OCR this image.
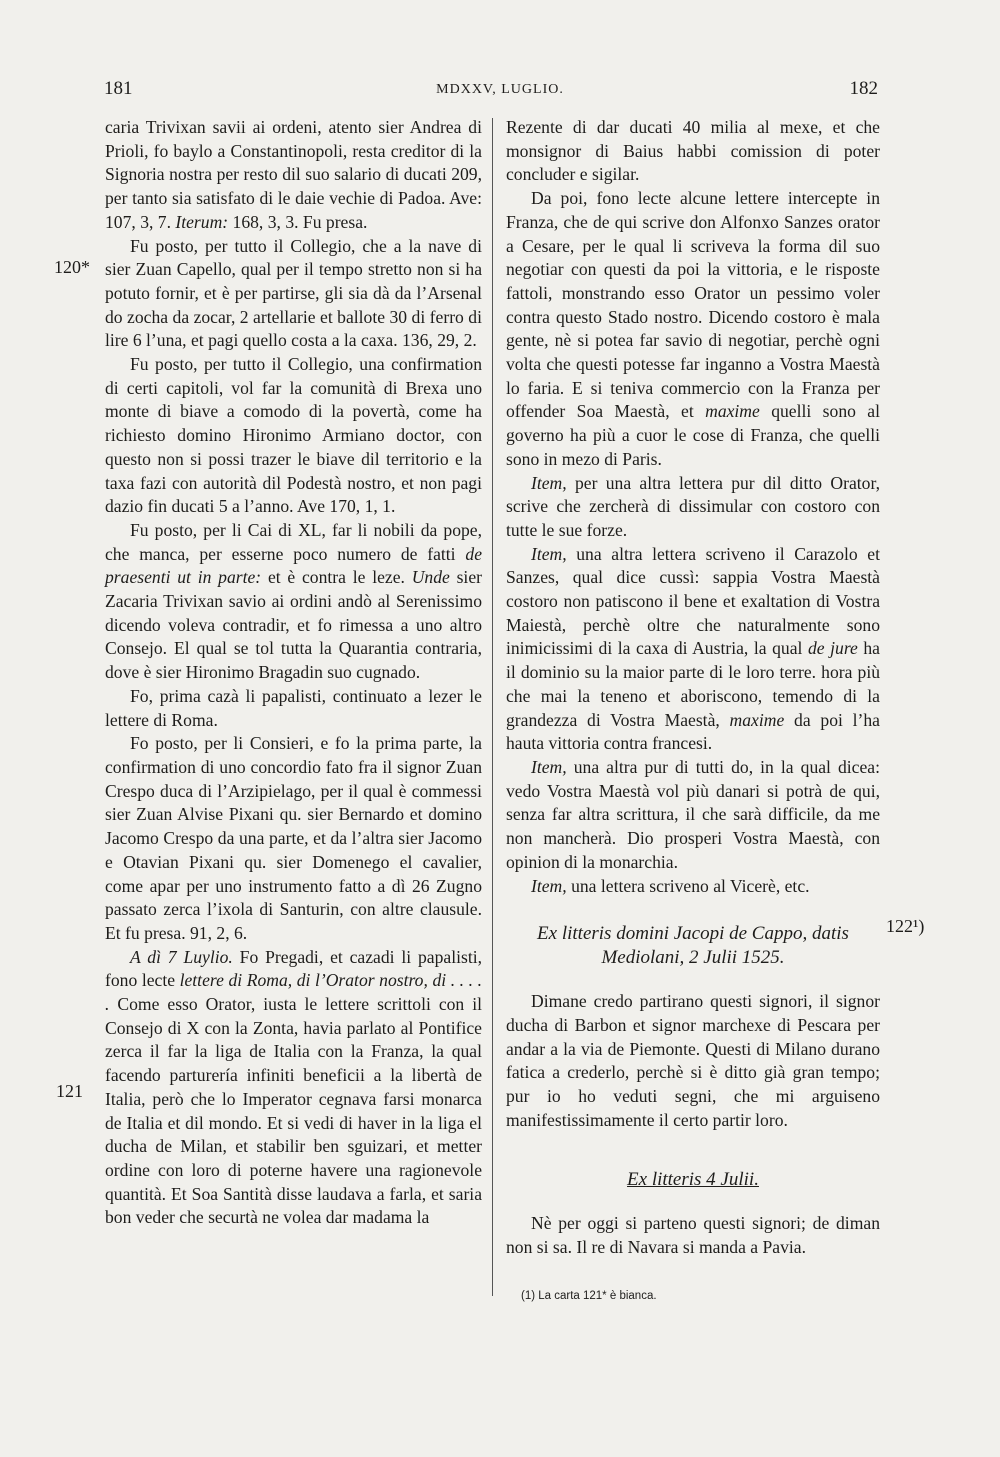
181	MDXXV, LUGLIO.	182
120*
121
122¹)

caria Trivixan savii ai ordeni, atento sier Andrea di Prioli, fo baylo a Constantinopoli, resta creditor di la Signoria nostra per resto dil suo salario di ducati 209, per tanto sia satisfato di le daie vechie di Padoa. Ave: 107, 3, 7. Iterum: 168, 3, 3. Fu presa.

Fu posto, per tutto il Collegio, che a la nave di sier Zuan Capello, qual per il tempo stretto non si ha potuto fornir, et è per partirse, gli sia dà da l’Arsenal do zocha da zocar, 2 artellarie et ballote 30 di ferro di lire 6 l’una, et pagi quello costa a la caxa. 136, 29, 2.

Fu posto, per tutto il Collegio, una confirmation di certi capitoli, vol far la comunità di Brexa uno monte di biave a comodo di la povertà, come ha richiesto domino Hironimo Armiano doctor, con questo non si possi trazer le biave dil territorio e la taxa fazi con autorità dil Podestà nostro, et non pagi dazio fin ducati 5 a l’anno. Ave 170, 1, 1.

Fu posto, per li Cai di XL, far li nobili da pope, che manca, per esserne poco numero de fatti de praesenti ut in parte: et è contra le leze. Unde sier Zacaria Trivixan savio ai ordini andò al Serenissimo dicendo voleva contradir, et fo rimessa a uno altro Consejo. El qual se tol tutta la Quarantia contraria, dove è sier Hironimo Bragadin suo cugnado.

Fo, prima cazà li papalisti, continuato a lezer le lettere di Roma.

Fo posto, per li Consieri, e fo la prima parte, la confirmation di uno concordio fato fra il signor Zuan Crespo duca di l’Arzipielago, per il qual è commessi sier Zuan Alvise Pixani qu. sier Bernardo et domino Jacomo Crespo da una parte, et da l’altra sier Jacomo e Otavian Pixani qu. sier Domenego el cavalier, come apar per uno instrumento fatto a dì 26 Zugno passato zerca l’ixola di Santurin, con altre clausule. Et fu presa. 91, 2, 6.

A dì 7 Luylio. Fo Pregadi, et cazadi li papalisti, fono lecte lettere di Roma, di l’Orator nostro, di . . . . . Come esso Orator, iusta le lettere scrittoli con il Consejo di X con la Zonta, havia parlato al Pontifice zerca il far la liga de Italia con la Franza, la qual facendo parturería infiniti beneficii a la libertà de Italia, però che lo Imperator cegnava farsi monarca de Italia et dil mondo. Et si vedi di haver in la liga el ducha de Milan, et stabilir ben sguizari, et metter ordine con loro di poterne havere una ragionevole quantità. Et Soa Santità disse laudava a farla, et saria bon veder che securtà ne volea dar madama la

Rezente di dar ducati 40 milia al mexe, et che monsignor di Baius habbi comission di poter concluder e sigilar.

Da poi, fono lecte alcune lettere intercepte in Franza, che de qui scrive don Alfonxo Sanzes orator a Cesare, per le qual li scriveva la forma dil suo negotiar con questi da poi la vittoria, e le risposte fattoli, monstrando esso Orator un pessimo voler contra questo Stado nostro. Dicendo costoro è mala gente, nè si potea far savio di negotiar, perchè ogni volta che questi potesse far inganno a Vostra Maestà lo faria. E si teniva commercio con la Franza per offender Soa Maestà, et maxime quelli sono al governo ha più a cuor le cose di Franza, che quelli sono in mezo di Paris.

Item, per una altra lettera pur dil ditto Orator, scrive che zercherà di dissimular con costoro con tutte le sue forze.

Item, una altra lettera scriveno il Carazolo et Sanzes, qual dice cussì: sappia Vostra Maestà costoro non patiscono il bene et exaltation di Vostra Maiestà, perchè oltre che naturalmente sono inimicissimi di la caxa di Austria, la qual de jure ha il dominio su la maior parte di le loro terre. hora più che mai la teneno et aboriscono, temendo di la grandezza di Vostra Maestà, maxime da poi l’ha hauta vittoria contra francesi.

Item, una altra pur di tutti do, in la qual dicea: vedo Vostra Maestà vol più danari si potrà de qui, senza far altra scrittura, il che sarà difficile, da me non mancherà. Dio prosperi Vostra Maestà, con opinion di la monarchia.

Item, una lettera scriveno al Vicerè, etc.

Ex litteris domini Jacopi de Cappo, datis
Mediolani, 2 Julii 1525.

Dimane credo partirano questi signori, il signor ducha di Barbon et signor marchexe di Pescara per andar a la via de Piemonte. Questi di Milano durano fatica a crederlo, perchè si è ditto già gran tempo; pur io ho veduti segni, che mi arguiseno manifestissimamente il certo partir loro.

Ex litteris 4 Julii.

Nè per oggi si parteno questi signori; de diman non si sa. Il re di Navara si manda a Pavia.

(1) La carta 121* è bianca.
